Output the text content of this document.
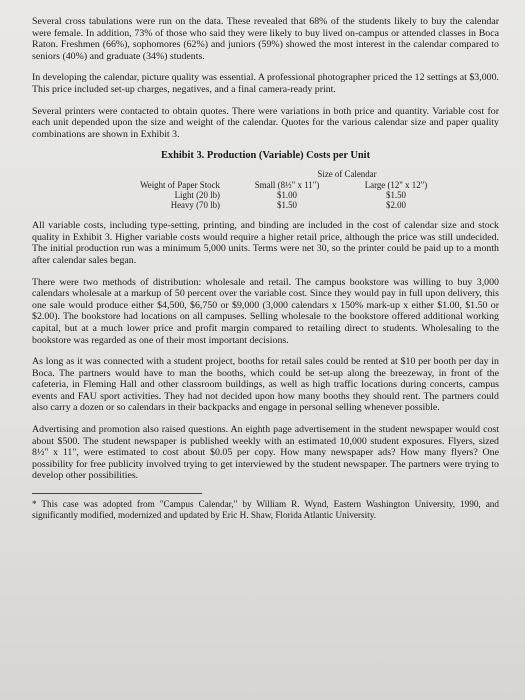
Several cross tabulations were run on the data. These revealed that 68% of the students likely to buy the calendar were female. In addition, 73% of those who said they were likely to buy lived on-campus or attended classes in Boca Raton. Freshmen (66%), sophomores (62%) and juniors (59%) showed the most interest in the calendar compared to seniors (40%) and graduate (34%) students.

In developing the calendar, picture quality was essential. A professional photographer priced the 12 settings at $3,000. This price included set-up charges, negatives, and a final camera-ready print.

Several printers were contacted to obtain quotes. There were variations in both price and quantity. Variable cost for each unit depended upon the size and weight of the calendar. Quotes for the various calendar size and paper quality combinations are shown in Exhibit 3.

Exhibit 3. Production (Variable) Costs per Unit
	Size of Calendar	
Weight of Paper Stock	Small (8½" x 11")	Large (12" x 12")
Light (20 lb)	$1.00	$1.50
Heavy (70 lb)	$1.50	$2.00

All variable costs, including type-setting, printing, and binding are included in the cost of calendar size and stock quality in Exhibit 3. Higher variable costs would require a higher retail price, although the price was still undecided. The initial production run was a minimum 5,000 units. Terms were net 30, so the printer could be paid up to a month after calendar sales began.

There were two methods of distribution: wholesale and retail. The campus bookstore was willing to buy 3,000 calendars wholesale at a markup of 50 percent over the variable cost. Since they would pay in full upon delivery, this one sale would produce either $4,500, $6,750 or $9,000 (3,000 calendars x 150% mark-up x either $1.00, $1.50 or $2.00). The bookstore had locations on all campuses. Selling wholesale to the bookstore offered additional working capital, but at a much lower price and profit margin compared to retailing direct to students. Wholesaling to the bookstore was regarded as one of their most important decisions.

As long as it was connected with a student project, booths for retail sales could be rented at $10 per booth per day in Boca. The partners would have to man the booths, which could be set-up along the breezeway, in front of the cafeteria, in Fleming Hall and other classroom buildings, as well as high traffic locations during concerts, campus events and FAU sport activities. They had not decided upon how many booths they should rent. The partners could also carry a dozen or so calendars in their backpacks and engage in personal selling whenever possible.

Advertising and promotion also raised questions. An eighth page advertisement in the student newspaper would cost about $500. The student newspaper is published weekly with an estimated 10,000 student exposures. Flyers, sized 8½" x 11", were estimated to cost about $0.05 per copy. How many newspaper ads? How many flyers? One possibility for free publicity involved trying to get interviewed by the student newspaper. The partners were trying to develop other possibilities.

* This case was adopted from "Campus Calendar," by William R. Wynd, Eastern Washington University, 1990, and significantly modified, modernized and updated by Eric H. Shaw, Florida Atlantic University.
